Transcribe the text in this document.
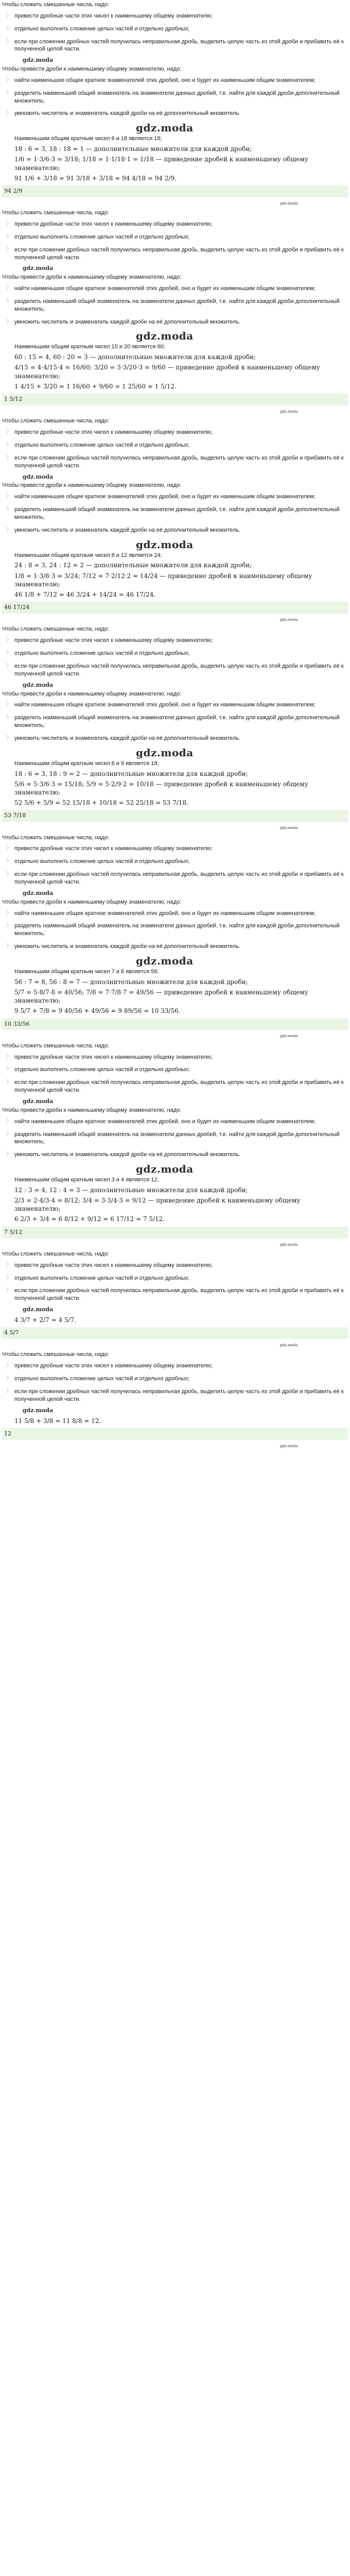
Чтобы сложить смешанные числа, надо:
〉 привести дробные части этих чисел к наименьшему общему знаменателю;
〉 отдельно выполнить сложение целых частей и отдельно дробных;
〉 если при сложении дробных частей получилась неправильная дробь, выделить целую часть из этой дроби и прибавить её к полученной целой части.
gdz.moda
Чтобы привести дроби к наименьшему общему знаменателю, надо:
〉 найти наименьшее общее кратное знаменателей этих дробей, оно и будет их наименьшим общим знаменателем;
〉 разделить наименьший общий знаменатель на знаменатели данных дробей, т.е. найти для каждой дроби дополнительный множитель;
〉 умножить числитель и знаменатель каждой дроби на её дополнительный множитель.
gdz.moda
Наименьшим общим кратным чисел 6 и 18 является 18;
18 : 6 = 3, 18 : 18 = 1 — дополнительные множители для каждой дроби;
1/6 = 1·3/6·3 = 3/18; 1/18 = 1·1/18·1 = 1/18 — приведение дробей к наименьшему общему знаменателю;
91 1/6 + 3/18 = 91 3/18 + 3/18 = 94 4/18 = 94 2/9.
94 2/9
gdz.moda
Чтобы сложить смешанные числа, надо:
〉 привести дробные части этих чисел к наименьшему общему знаменателю;
〉 отдельно выполнить сложение целых частей и отдельно дробных;
〉 если при сложении дробных частей получилась неправильная дробь, выделить целую часть из этой дроби и прибавить её к полученной целой части.
gdz.moda
Чтобы привести дроби к наименьшему общему знаменателю, надо:
〉 найти наименьшее общее кратное знаменателей этих дробей, оно и будет их наименьшим общим знаменателем;
〉 разделить наименьший общий знаменатель на знаменатели данных дробей, т.е. найти для каждой дроби дополнительный множитель;
〉 умножить числитель и знаменатель каждой дроби на её дополнительный множитель.
gdz.moda
Наименьшим общим кратным чисел 15 и 20 является 60;
60 : 15 = 4, 60 : 20 = 3 — дополнительные множители для каждой дроби;
4/15 = 4·4/15·4 = 16/60; 3/20 = 3·3/20·3 = 9/60 — приведение дробей к наименьшему общему знаменателю;
1 4/15 + 3/20 = 1 16/60 + 9/60 = 1 25/60 = 1 5/12.
1 5/12
gdz.moda
Чтобы сложить смешанные числа, надо:
〉 привести дробные части этих чисел к наименьшему общему знаменателю;
〉 отдельно выполнить сложение целых частей и отдельно дробных;
〉 если при сложении дробных частей получилась неправильная дробь, выделить целую часть из этой дроби и прибавить её к полученной целой части.
gdz.moda
Чтобы привести дроби к наименьшему общему знаменателю, надо:
〉 найти наименьшее общее кратное знаменателей этих дробей, оно и будет их наименьшим общим знаменателем;
〉 разделить наименьший общий знаменатель на знаменатели данных дробей, т.е. найти для каждой дроби дополнительный множитель;
〉 умножить числитель и знаменатель каждой дроби на её дополнительный множитель.
gdz.moda
Наименьшим общим кратным чисел 8 и 12 является 24;
24 : 8 = 3, 24 : 12 = 2 — дополнительные множители для каждой дроби;
1/8 = 1·3/8·3 = 3/24; 7/12 = 7·2/12·2 = 14/24 — приведение дробей к наименьшему общему знаменателю;
46 1/8 + 7/12 = 46 3/24 + 14/24 = 46 17/24.
46 17/24
gdz.moda
Чтобы сложить смешанные числа, надо:
〉 привести дробные части этих чисел к наименьшему общему знаменателю;
〉 отдельно выполнить сложение целых частей и отдельно дробных;
〉 если при сложении дробных частей получилась неправильная дробь, выделить целую часть из этой дроби и прибавить её к полученной целой части.
gdz.moda
Чтобы привести дроби к наименьшему общему знаменателю, надо:
〉 найти наименьшее общее кратное знаменателей этих дробей, оно и будет их наименьшим общим знаменателем;
〉 разделить наименьший общий знаменатель на знаменатели данных дробей, т.е. найти для каждой дроби дополнительный множитель;
〉 умножить числитель и знаменатель каждой дроби на её дополнительный множитель.
gdz.moda
Наименьшим общим кратным чисел 6 и 9 является 18;
18 : 6 = 3, 18 : 9 = 2 — дополнительные множители для каждой дроби;
5/6 = 5·3/6·3 = 15/18; 5/9 = 5·2/9·2 = 10/18 — приведение дробей к наименьшему общему знаменателю;
52 5/6 + 5/9 = 52 15/18 + 10/18 = 52 25/18 = 53 7/18.
53 7/18
gdz.moda
Чтобы сложить смешанные числа, надо:
〉 привести дробные части этих чисел к наименьшему общему знаменателю;
〉 отдельно выполнить сложение целых частей и отдельно дробных;
〉 если при сложении дробных частей получилась неправильная дробь, выделить целую часть из этой дроби и прибавить её к полученной целой части.
gdz.moda
Чтобы привести дроби к наименьшему общему знаменателю, надо:
〉 найти наименьшее общее кратное знаменателей этих дробей, оно и будет их наименьшим общим знаменателем;
〉 разделить наименьший общий знаменатель на знаменатели данных дробей, т.е. найти для каждой дроби дополнительный множитель;
〉 умножить числитель и знаменатель каждой дроби на её дополнительный множитель.
gdz.moda
Наименьшим общим кратным чисел 7 и 8 является 56;
56 : 7 = 8, 56 : 8 = 7 — дополнительные множители для каждой дроби;
5/7 = 5·8/7·8 = 40/56; 7/8 = 7·7/8·7 = 49/56 — приведение дробей к наименьшему общему знаменателю;
9 5/7 + 7/8 = 9 40/56 + 49/56 = 9 89/56 = 10 33/56.
10 33/56
gdz.moda
Чтобы сложить смешанные числа, надо:
〉 привести дробные части этих чисел к наименьшему общему знаменателю;
〉 отдельно выполнить сложение целых частей и отдельно дробных;
〉 если при сложении дробных частей получилась неправильная дробь, выделить целую часть из этой дроби и прибавить её к полученной целой части.
gdz.moda
Чтобы привести дроби к наименьшему общему знаменателю, надо:
〉 найти наименьшее общее кратное знаменателей этих дробей, оно и будет их наименьшим общим знаменателем;
〉 разделить наименьший общий знаменатель на знаменатели данных дробей, т.е. найти для каждой дроби дополнительный множитель;
〉 умножить числитель и знаменатель каждой дроби на её дополнительный множитель.
gdz.moda
Наименьшим общим кратным чисел 3 и 4 является 12;
12 : 3 = 4, 12 : 4 = 3 — дополнительные множители для каждой дроби;
2/3 = 2·4/3·4 = 8/12; 3/4 = 3·3/4·3 = 9/12 — приведение дробей к наименьшему общему знаменателю;
6 2/3 + 3/4 = 6 8/12 + 9/12 = 6 17/12 = 7 5/12.
7 5/12
gdz.moda
Чтобы сложить смешанные числа, надо:
〉 привести дробные части этих чисел к наименьшему общему знаменателю;
〉 отдельно выполнить сложение целых частей и отдельно дробных;
〉 если при сложении дробных частей получилась неправильная дробь, выделить целую часть из этой дроби и прибавить её к полученной целой части.
gdz.moda
4 3/7 + 2/7 = 4 5/7.
4 5/7
gdz.moda
Чтобы сложить смешанные числа, надо:
〉 привести дробные части этих чисел к наименьшему общему знаменателю;
〉 отдельно выполнить сложение целых частей и отдельно дробных;
〉 если при сложении дробных частей получилась неправильная дробь, выделить целую часть из этой дроби и прибавить её к полученной целой части.
gdz.moda
11 5/8 + 3/8 = 11 8/8 = 12.
12
gdz.moda
